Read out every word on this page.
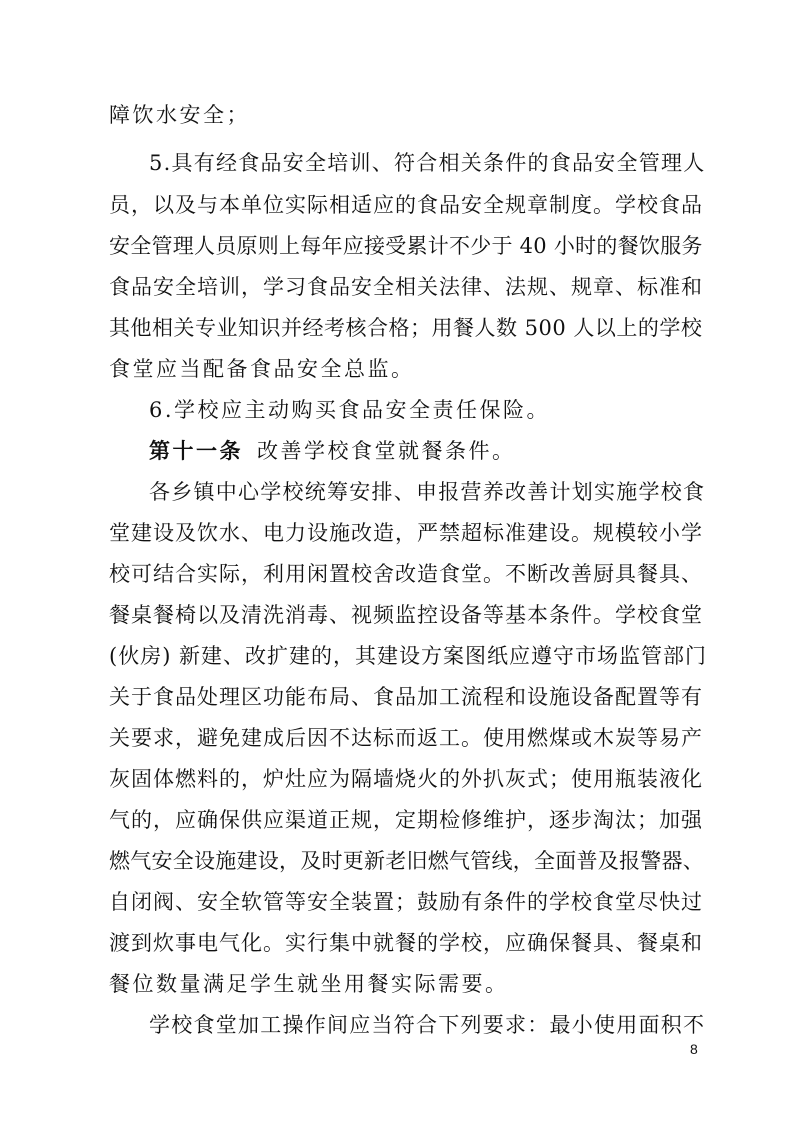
障饮水安全；
5.具有经食品安全培训、符合相关条件的食品安全管理人
员，以及与本单位实际相适应的食品安全规章制度。学校食品
安全管理人员原则上每年应接受累计不少于 40 小时的餐饮服务
食品安全培训，学习食品安全相关法律、法规、规章、标准和
其他相关专业知识并经考核合格；用餐人数 500 人以上的学校
食堂应当配备食品安全总监。
6.学校应主动购买食品安全责任保险。
第十一条 改善学校食堂就餐条件。
各乡镇中心学校统筹安排、申报营养改善计划实施学校食
堂建设及饮水、电力设施改造，严禁超标准建设。规模较小学
校可结合实际，利用闲置校舍改造食堂。不断改善厨具餐具、
餐桌餐椅以及清洗消毒、视频监控设备等基本条件。学校食堂
(伙房) 新建、改扩建的，其建设方案图纸应遵守市场监管部门
关于食品处理区功能布局、食品加工流程和设施设备配置等有
关要求，避免建成后因不达标而返工。使用燃煤或木炭等易产
灰固体燃料的，炉灶应为隔墙烧火的外扒灰式；使用瓶装液化
气的，应确保供应渠道正规，定期检修维护，逐步淘汰；加强
燃气安全设施建设，及时更新老旧燃气管线，全面普及报警器、
自闭阀、安全软管等安全装置；鼓励有条件的学校食堂尽快过
渡到炊事电气化。实行集中就餐的学校，应确保餐具、餐桌和
餐位数量满足学生就坐用餐实际需要。
学校食堂加工操作间应当符合下列要求：最小使用面积不
8
